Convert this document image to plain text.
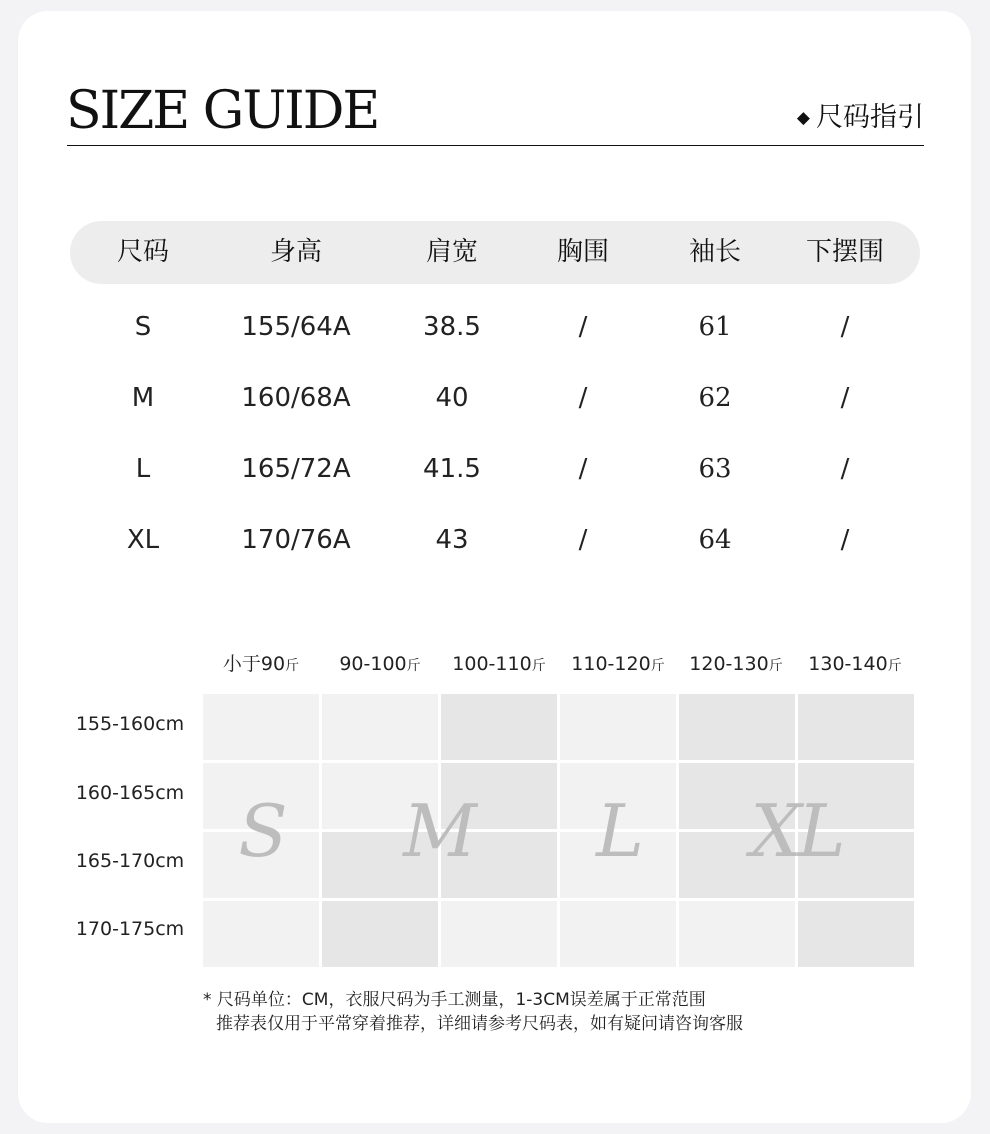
SIZE GUIDE	◆ 尺码指引
尺码	身高	肩宽	胸围	袖长	下摆围
S	155/64A	38.5	/	61	/
M	160/68A	40	/	62	/
L	165/72A	41.5	/	63	/
XL	170/76A	43	/	64	/
小于90斤	90-100斤	100-110斤	110-120斤	120-130斤	130-140斤
155-160cm
160-165cm
165-170cm
170-175cm
S	M	L	XL
* 尺码单位：CM，衣服尺码为手工测量，1-3CM误差属于正常范围
推荐表仅用于平常穿着推荐，详细请参考尺码表，如有疑问请咨询客服
